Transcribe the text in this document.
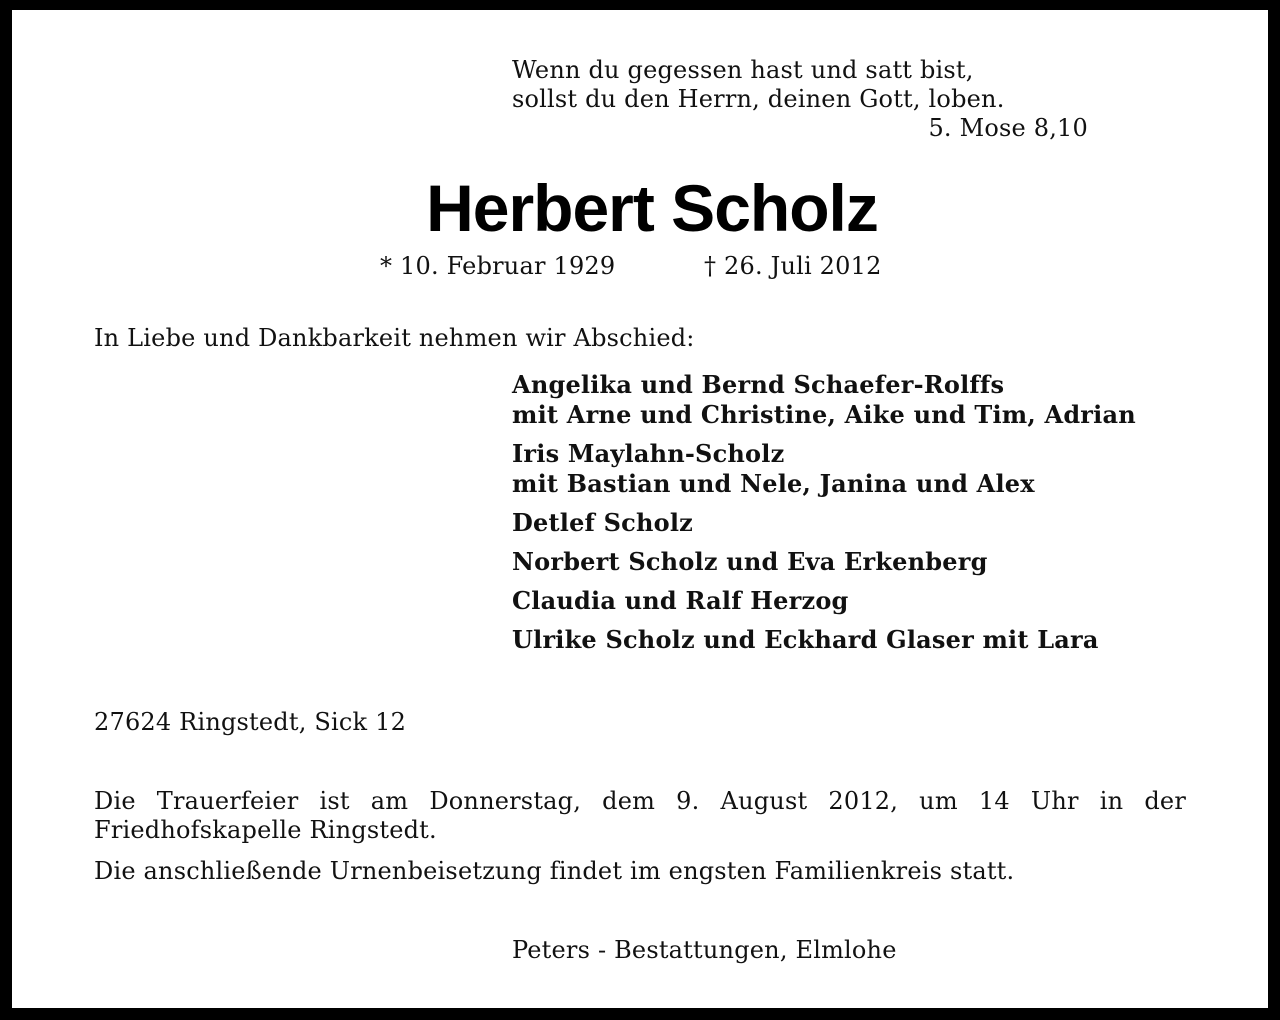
Wenn du gegessen hast und satt bist,
sollst du den Herrn, deinen Gott, loben.
5. Mose 8,10
Herbert Scholz
* 10. Februar 1929	† 26. Juli 2012
In Liebe und Dankbarkeit nehmen wir Abschied:
Angelika und Bernd Schaefer-Rolffs
mit Arne und Christine, Aike und Tim, Adrian
Iris Maylahn-Scholz
mit Bastian und Nele, Janina und Alex
Detlef Scholz
Norbert Scholz und Eva Erkenberg
Claudia und Ralf Herzog
Ulrike Scholz und Eckhard Glaser mit Lara
27624 Ringstedt, Sick 12

Die Trauerfeier ist am Donnerstag, dem 9. August 2012, um 14 Uhr in der Friedhofskapelle Ringstedt.

Die anschließende Urnenbeisetzung findet im engsten Familienkreis statt.
Peters - Bestattungen, Elmlohe
